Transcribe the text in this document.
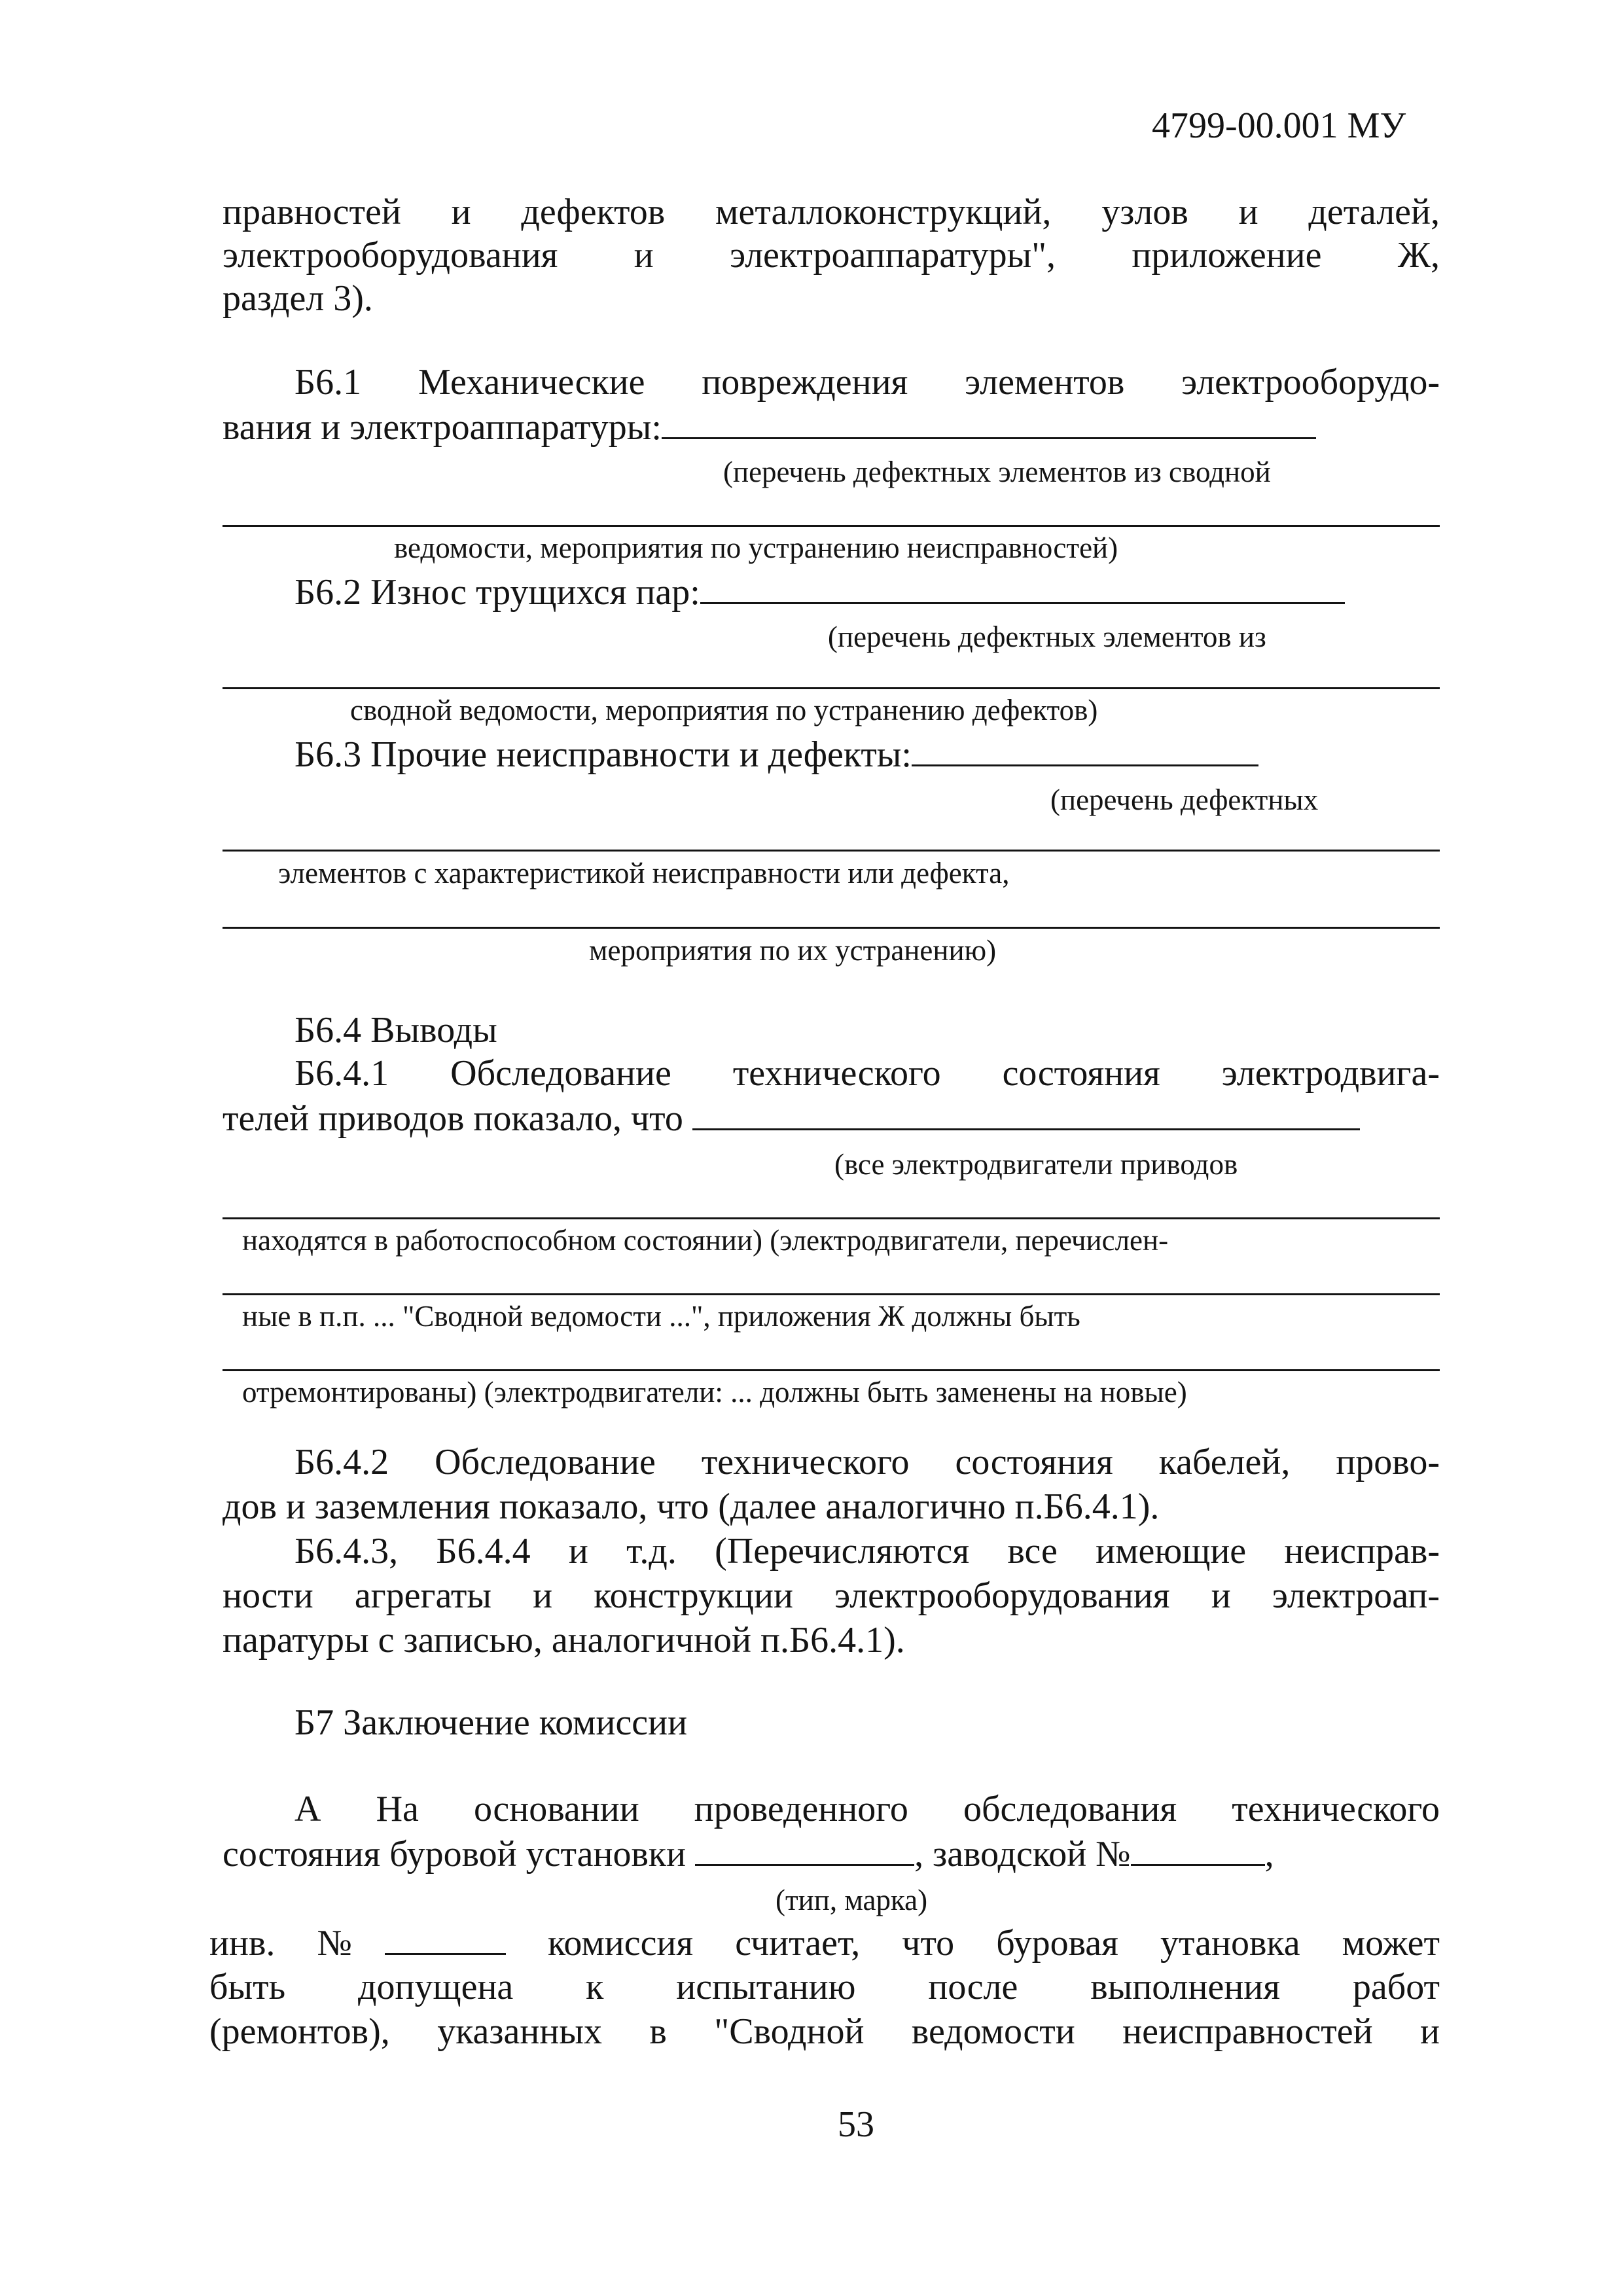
4799-00.001 МУ
правностей и дефектов металлоконструкций, узлов и деталей,
электрооборудования и электроаппаратуры", приложение Ж,
раздел 3).
Б6.1 Механические повреждения элементов электрооборудо-
вания и электроаппаратуры:
(перечень дефектных элементов из сводной
ведомости, мероприятия по устранению неисправностей)
Б6.2 Износ трущихся пар:
(перечень дефектных элементов из
сводной ведомости, мероприятия по устранению дефектов)
Б6.3 Прочие неисправности и дефекты:
(перечень дефектных
элементов с характеристикой неисправности или дефекта,
мероприятия по их устранению)
Б6.4 Выводы
Б6.4.1 Обследование технического состояния электродвига-
телей приводов показало, что
(все электродвигатели приводов
находятся в работоспособном состоянии) (электродвигатели, перечислен-
ные в п.п. ... "Сводной ведомости ...", приложения Ж должны быть
отремонтированы) (электродвигатели: ... должны быть заменены на новые)
Б6.4.2 Обследование технического состояния кабелей, прово-
дов и заземления показало, что (далее аналогично п.Б6.4.1).
Б6.4.3, Б6.4.4 и т.д. (Перечисляются все имеющие неисправ-
ности агрегаты и конструкции электрооборудования и электроап-
паратуры с записью, аналогичной п.Б6.4.1).
Б7 Заключение комиссии
А На основании проведенного обследования технического
состояния буровой установки	, заводской №	,
(тип, марка)
инв. №	комиссия считает, что буровая утановка может
быть допущена к испытанию после выполнения работ
(ремонтов), указанных в "Сводной ведомости неисправностей и
53
